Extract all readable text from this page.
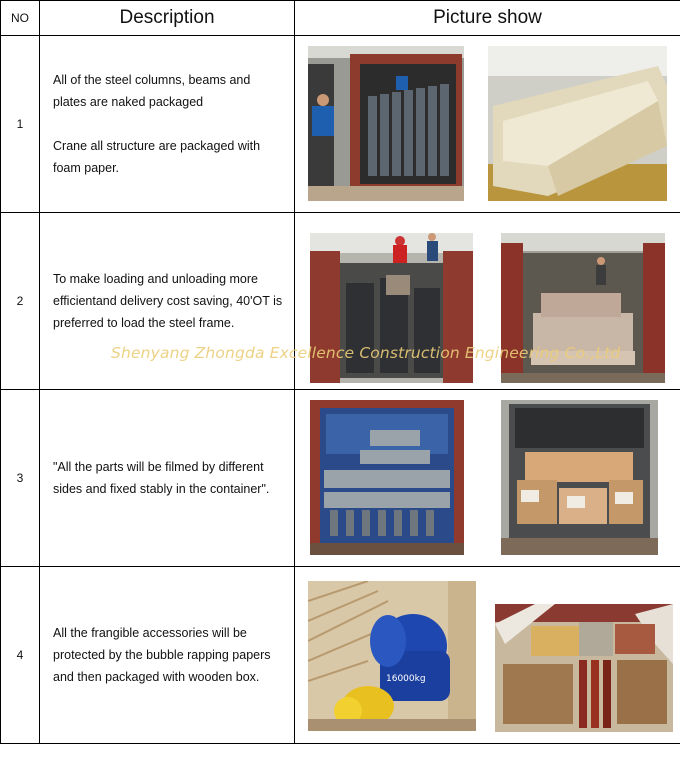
NO	Description	Picture show
1	All of the steel columns, beams and plates are naked packaged

Crane all structure are packaged with foam paper.

2	To make loading and unloading more efficientand delivery cost saving, 40'OT is preferred to load the steel frame.

3	"All the parts will be filmed by different sides and fixed stably in the container".

4	All the frangible accessories will be protected by the bubble rapping papers and then packaged with wooden box.	16000kg
Shenyang Zhongda Excellence Construction Engineering Co.,Ltd
